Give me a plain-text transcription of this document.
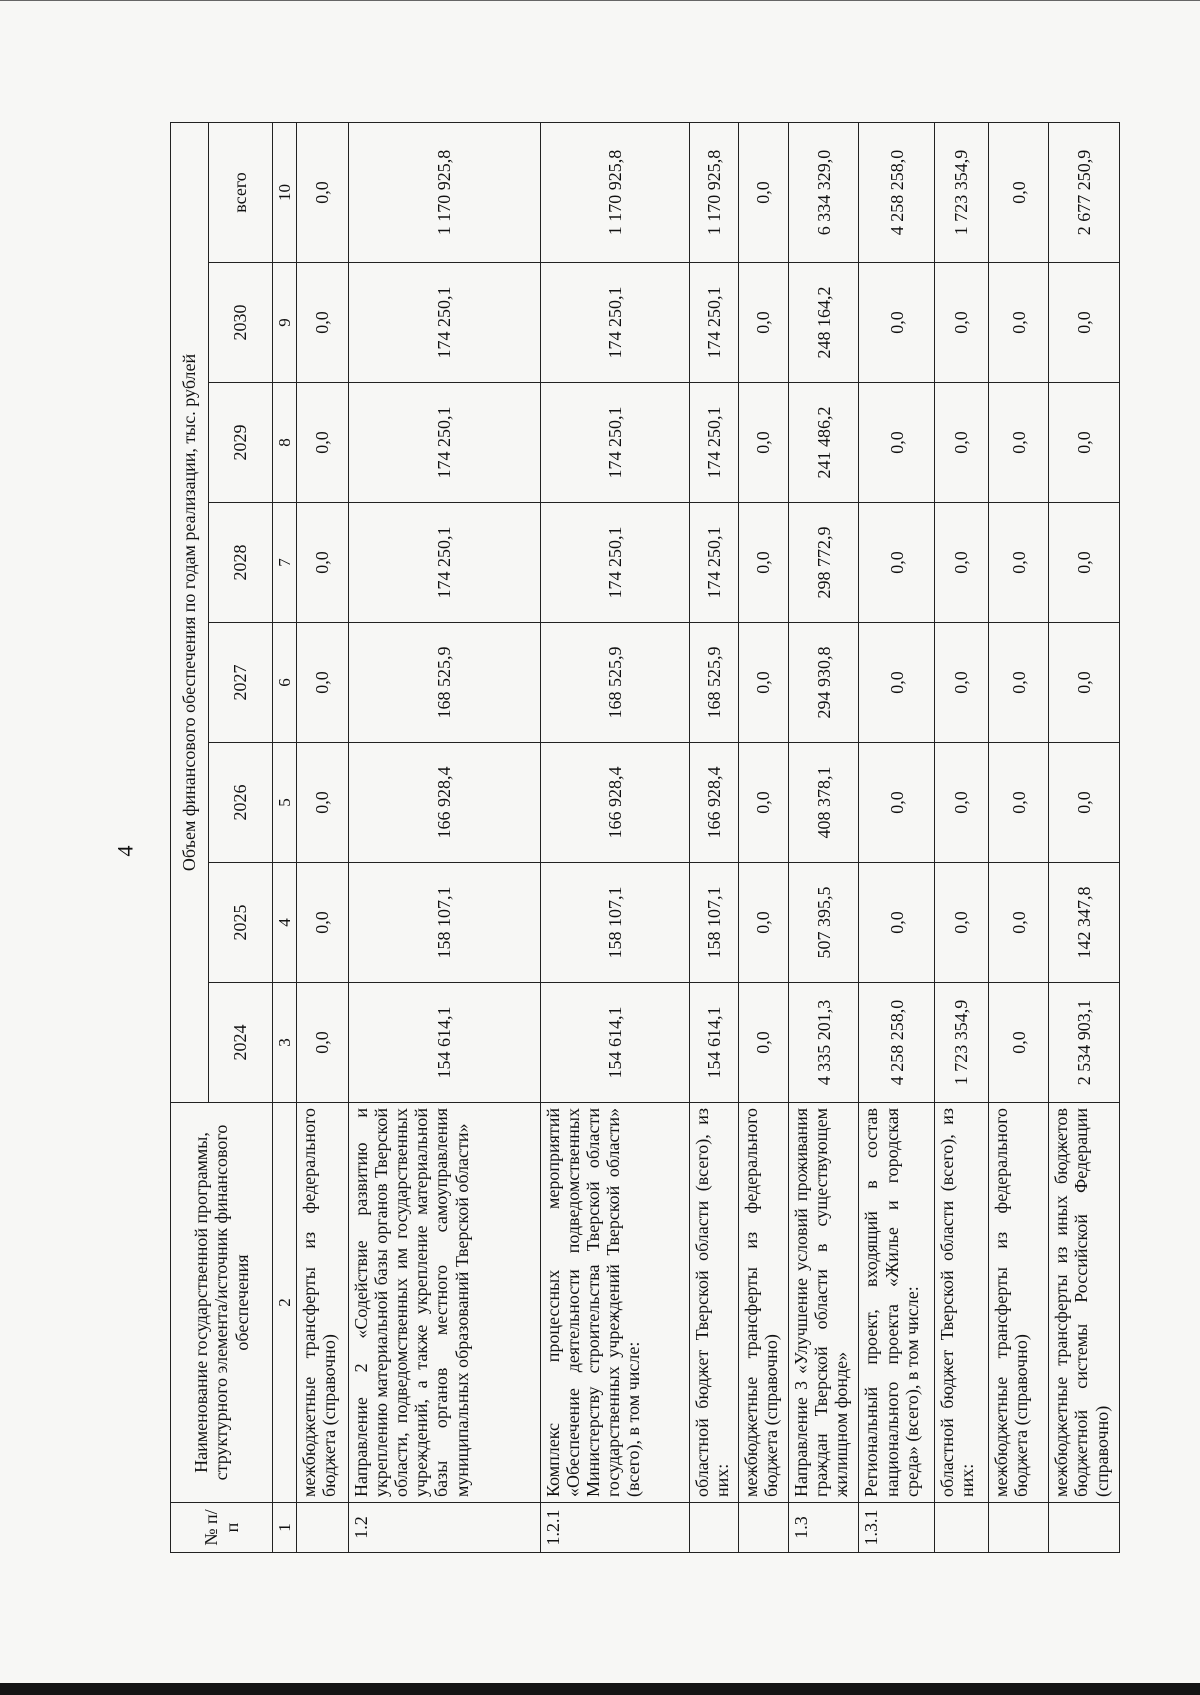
4
№ п/п	Наименование государственной программы, структурного элемента/источник финансового обеспечения	Объем финансового обеспечения по годам реализации, тыс. рублей							
		2024	2025	2026	2027	2028	2029	2030	всего
1	2	3	4	5	6	7	8	9	10
	межбюджетные трансферты из федерального бюджета (справочно)	0,0	0,0	0,0	0,0	0,0	0,0	0,0	0,0
1.2	Направление 2 «Содействие развитию и укреплению материальной базы органов Тверской области, подведомственных им государственных учреждений, а также укрепление материальной базы органов местного самоуправления муниципальных образований Тверской области»	154 614,1	158 107,1	166 928,4	168 525,9	174 250,1	174 250,1	174 250,1	1 170 925,8
1.2.1	Комплекс процессных мероприятий «Обеспечение деятельности подведомственных Министерству строительства Тверской области государственных учреждений Тверской области» (всего), в том числе:	154 614,1	158 107,1	166 928,4	168 525,9	174 250,1	174 250,1	174 250,1	1 170 925,8
	областной бюджет Тверской области (всего), из них:	154 614,1	158 107,1	166 928,4	168 525,9	174 250,1	174 250,1	174 250,1	1 170 925,8
	межбюджетные трансферты из федерального бюджета (справочно)	0,0	0,0	0,0	0,0	0,0	0,0	0,0	0,0
1.3	Направление 3 «Улучшение условий проживания граждан Тверской области в существующем жилищном фонде»	4 335 201,3	507 395,5	408 378,1	294 930,8	298 772,9	241 486,2	248 164,2	6 334 329,0
1.3.1	Региональный проект, входящий в состав национального проекта «Жилье и городская среда» (всего), в том числе:	4 258 258,0	0,0	0,0	0,0	0,0	0,0	0,0	4 258 258,0
	областной бюджет Тверской области (всего), из них:	1 723 354,9	0,0	0,0	0,0	0,0	0,0	0,0	1 723 354,9
	межбюджетные трансферты из федерального бюджета (справочно)	0,0	0,0	0,0	0,0	0,0	0,0	0,0	0,0
	межбюджетные трансферты из иных бюджетов бюджетной системы Российской Федерации (справочно)	2 534 903,1	142 347,8	0,0	0,0	0,0	0,0	0,0	2 677 250,9
